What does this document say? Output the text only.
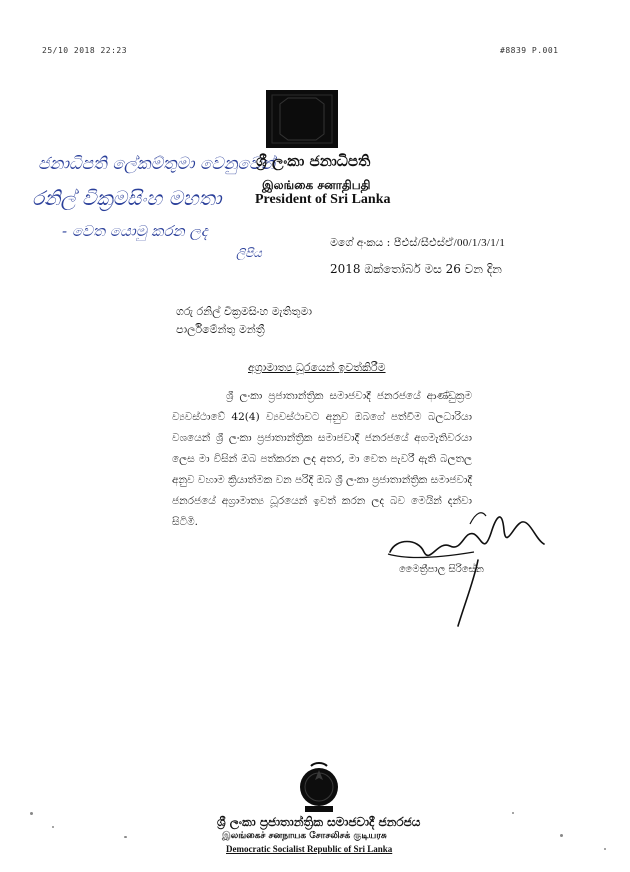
25/10 2018 22:23	#8839 P.001
ජනාධිපති ලේකම්තුමා වෙනුවෙන්
රනිල් වික්‍රමසිංහ මහතා
- වෙත යොමු කරන ලද
ලිපිය
ශ්‍රී ලංකා ජනාධිපති
இலங்கை சனாதிபதி
President of Sri Lanka
මගේ අංකය : පීඑස්/සීඑස්ඒ/00/1/3/1/1
2018 ඔක්තෝබර් මස 26 වන දින
ගරු රනිල් වික්‍රමසිංහ මැතිතුමා
පාර්ලිමේන්තු මන්ත්‍රී
අග්‍රාමාත්‍ය ධූරයෙන් ඉවත්කිරීම

ශ්‍රී ලංකා ප්‍රජාතාන්ත්‍රික සමාජවාදී ජනරජයේ ආණ්ඩුක්‍රම ව්‍යවස්ථාවේ 42(4) ව්‍යවස්ථාවට අනුව ඔබගේ පත්වීම බලධාරියා වශයෙන් ශ්‍රී ලංකා ප්‍රජාතාන්ත්‍රික සමාජවාදී ජනරජයේ අගමැතිවරයා ලෙස මා විසින් ඔබ පත්කරන ලද අතර, මා වෙත පැවරී ඇති බලතල අනුව වහාම ක්‍රියාත්මක වන පරිදි ඔබ ශ්‍රී ලංකා ප්‍රජාතාන්ත්‍රික සමාජවාදී ජනරජයේ අග්‍රාමාත්‍ය ධූරයෙන් ඉවත් කරන ලද බව මෙයින් දන්වා සිටිමි.

මෛත්‍රීපාල සිරිසේන
ශ්‍රී ලංකා ප්‍රජාතාන්ත්‍රික සමාජවාදී ජනරජය
இலங்கைச் சனநாயக சோசலிசக் குடியரசு
Democratic Socialist Republic of Sri Lanka
